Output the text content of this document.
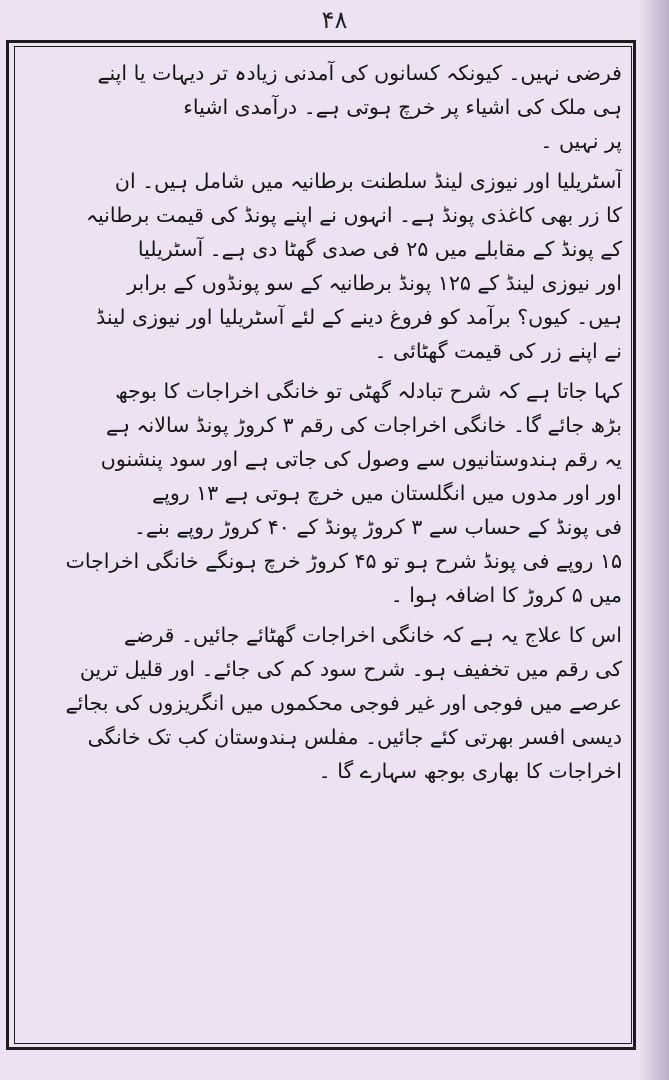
۴۸
فرضی نہیں۔ کیونکہ کسانوں کی آمدنی زیادہ تر دیہات یا اپنے
ہی ملک کی اشیاء پر خرچ ہوتی ہے۔ درآمدی اشیاء
پر نہیں ۔
آسٹریلیا اور نیوزی لینڈ سلطنت برطانیہ میں شامل ہیں۔ ان
کا زر بھی کاغذی پونڈ ہے۔ انہوں نے اپنے پونڈ کی قیمت برطانیہ
کے پونڈ کے مقابلے میں ۲۵ فی صدی گھٹا دی ہے۔ آسٹریلیا
اور نیوزی لینڈ کے ۱۲۵ پونڈ برطانیہ کے سو پونڈوں کے برابر
ہیں۔ کیوں؟ برآمد کو فروغ دینے کے لئے آسٹریلیا اور نیوزی لینڈ
نے اپنے زر کی قیمت گھٹائی ۔
کہا جاتا ہے کہ شرح تبادلہ گھٹی تو خانگی اخراجات کا بوجھ
بڑھ جائے گا۔ خانگی اخراجات کی رقم ۳ کروڑ پونڈ سالانہ ہے
یہ رقم ہندوستانیوں سے وصول کی جاتی ہے اور سود پنشنوں
اور اور مدوں میں انگلستان میں خرچ ہوتی ہے ۱۳ روپے
فی پونڈ کے حساب سے ۳ کروڑ پونڈ کے ۴۰ کروڑ روپے بنے۔
۱۵ روپے فی پونڈ شرح ہو تو ۴۵ کروڑ خرچ ہونگے خانگی اخراجات
میں ۵ کروڑ کا اضافہ ہوا ۔
اس کا علاج یہ ہے کہ خانگی اخراجات گھٹائے جائیں۔ قرضے
کی رقم میں تخفیف ہو۔ شرح سود کم کی جائے۔ اور قلیل ترین
عرصے میں فوجی اور غیر فوجی محکموں میں انگریزوں کی بجائے
دیسی افسر بھرتی کئے جائیں۔ مفلس ہندوستان کب تک خانگی
اخراجات کا بھاری بوجھ سہارے گا ۔
